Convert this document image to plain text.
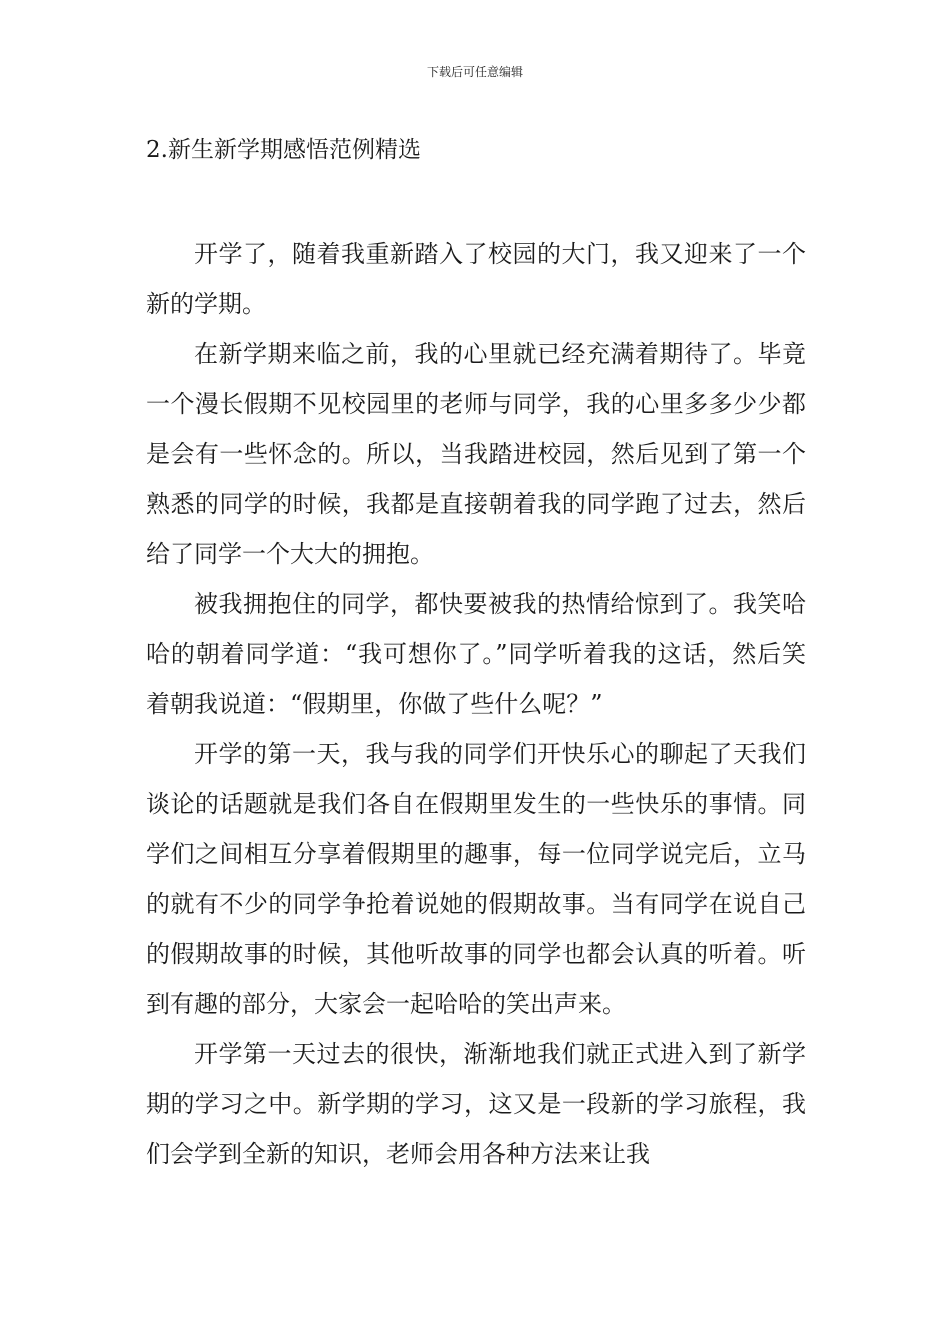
下载后可任意编辑
2.新生新学期感悟范例精选

开学了，随着我重新踏入了校园的大门，我又迎来了一个新的学期。

在新学期来临之前，我的心里就已经充满着期待了。毕竟一个漫长假期不见校园里的老师与同学，我的心里多多少少都是会有一些怀念的。所以，当我踏进校园，然后见到了第一个熟悉的同学的时候，我都是直接朝着我的同学跑了过去，然后给了同学一个大大的拥抱。

被我拥抱住的同学，都快要被我的热情给惊到了。我笑哈哈的朝着同学道：“我可想你了。”同学听着我的这话，然后笑着朝我说道：“假期里，你做了些什么呢？”

开学的第一天，我与我的同学们开快乐心的聊起了天我们谈论的话题就是我们各自在假期里发生的一些快乐的事情。同学们之间相互分享着假期里的趣事，每一位同学说完后，立马的就有不少的同学争抢着说她的假期故事。当有同学在说自己的假期故事的时候，其他听故事的同学也都会认真的听着。听到有趣的部分，大家会一起哈哈的笑出声来。

开学第一天过去的很快，渐渐地我们就正式进入到了新学期的学习之中。新学期的学习，这又是一段新的学习旅程，我们会学到全新的知识，老师会用各种方法来让我
